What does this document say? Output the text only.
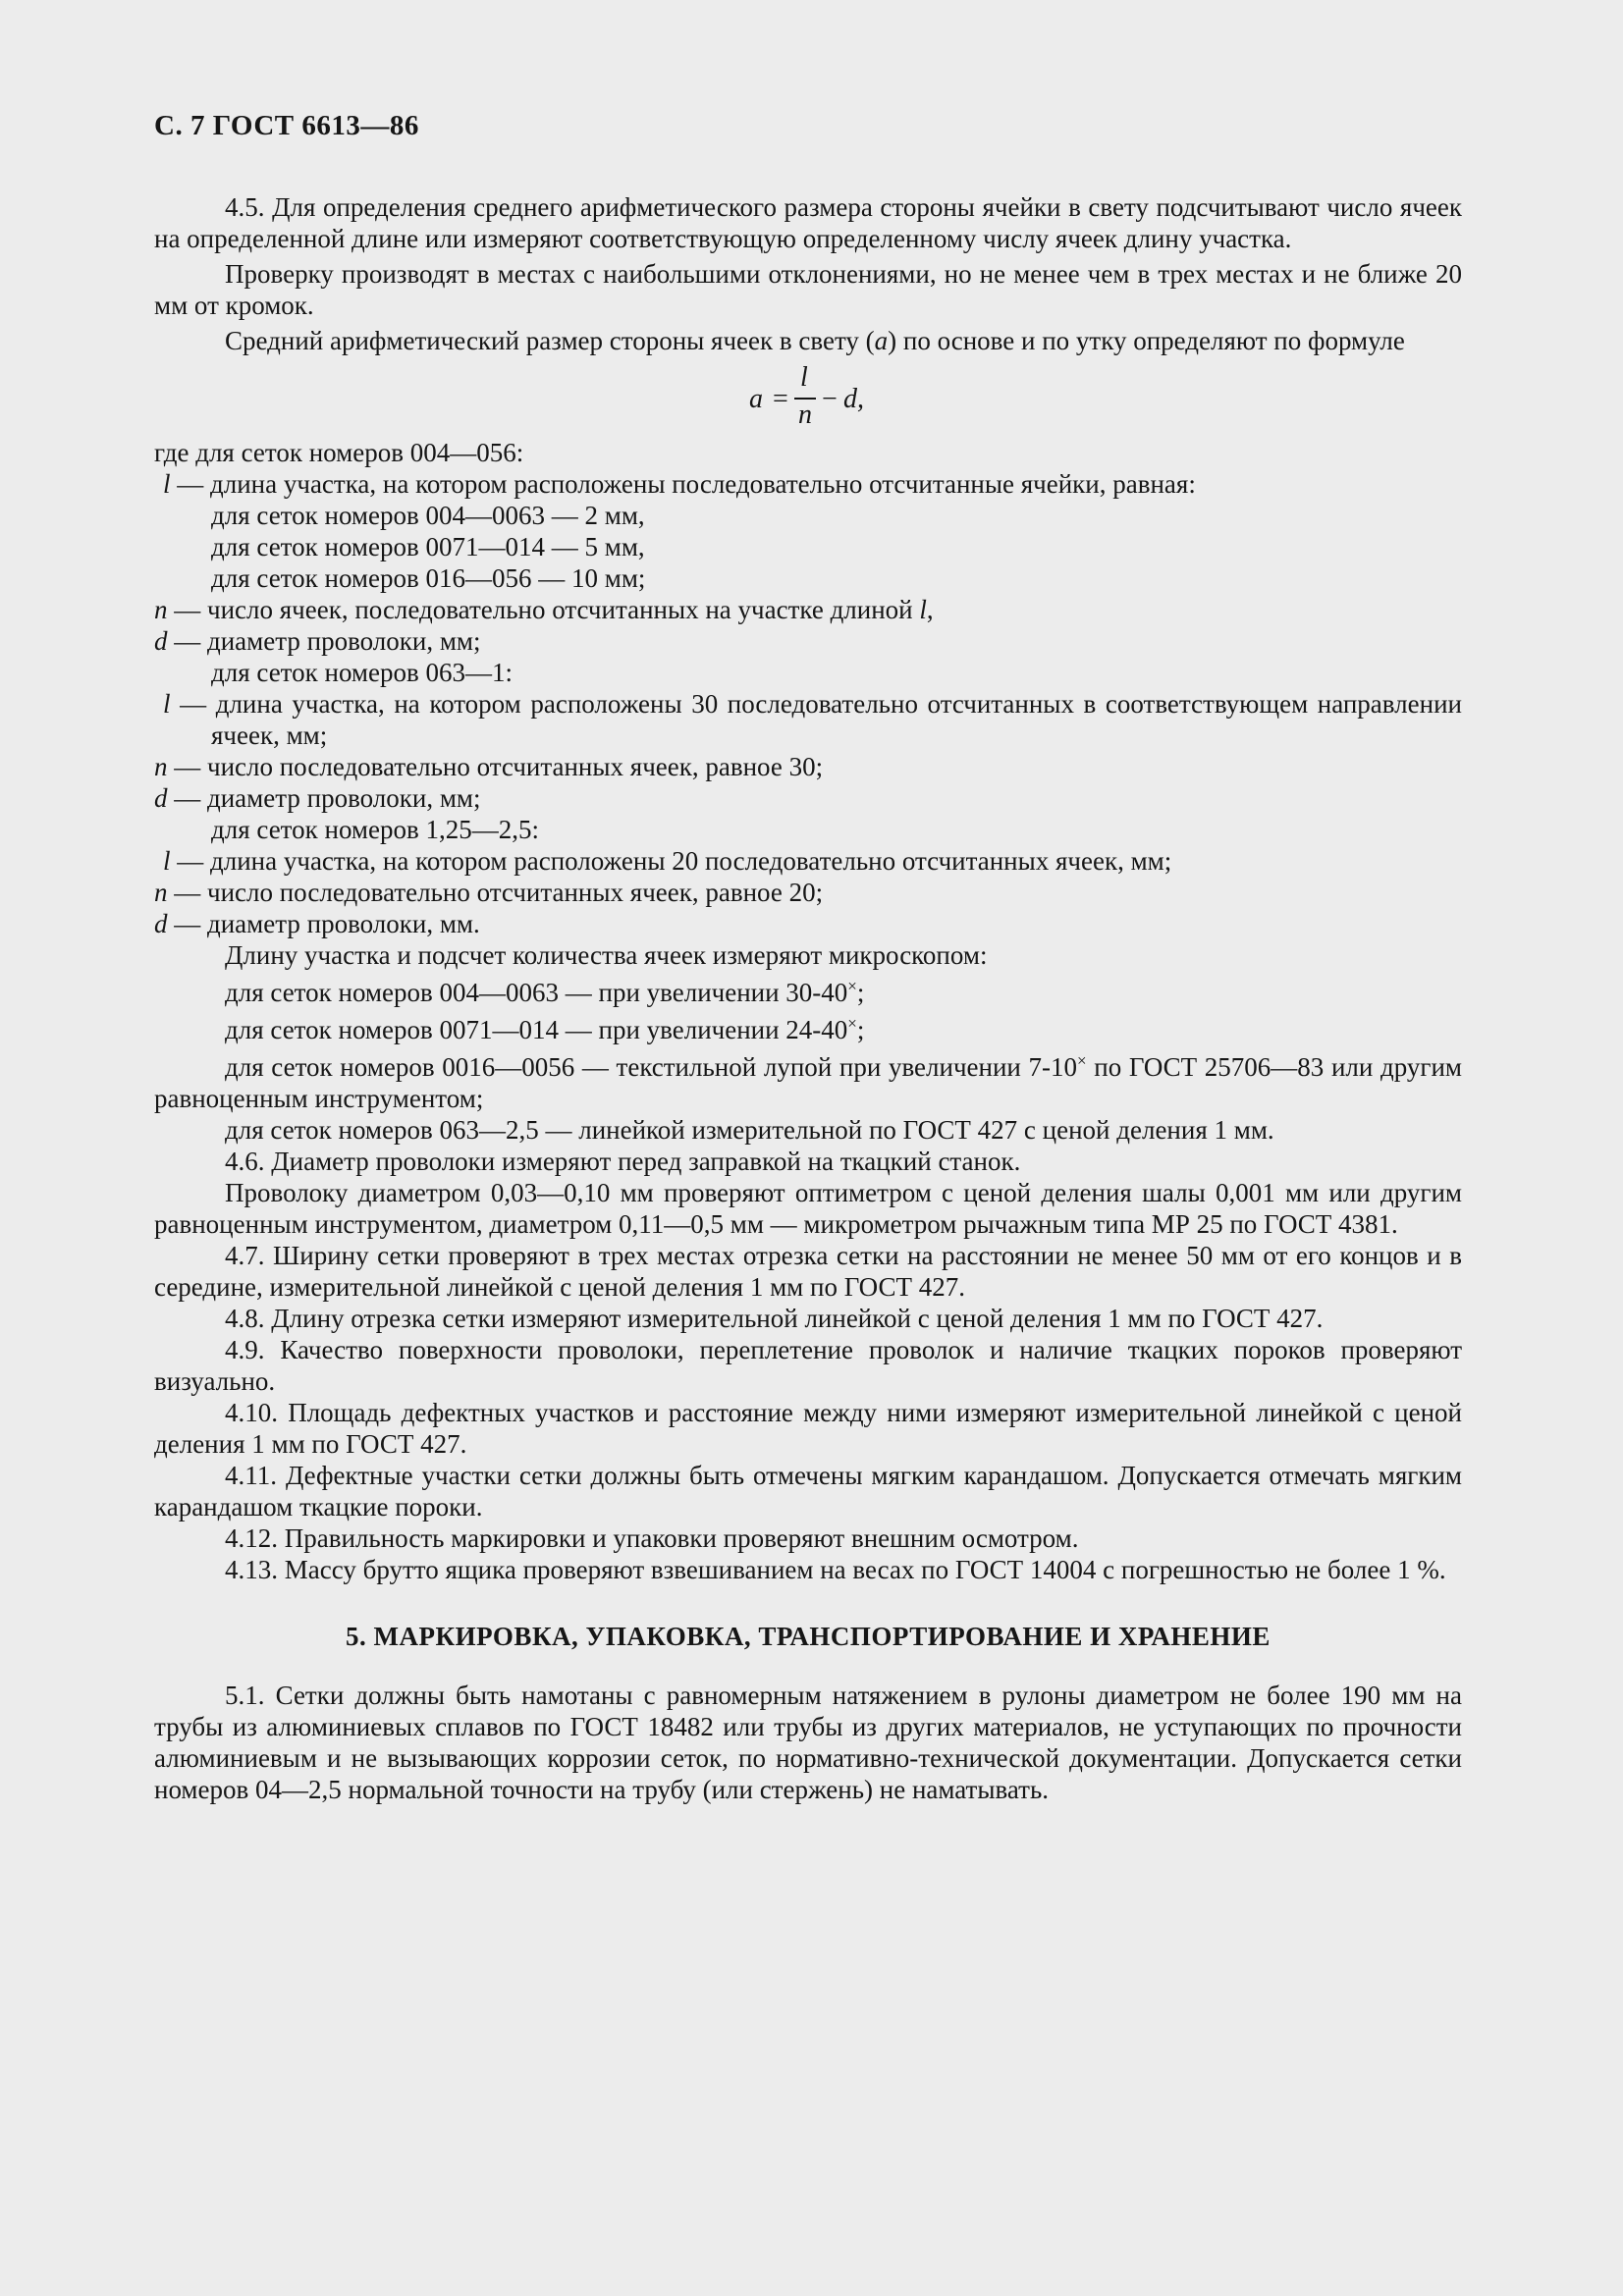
С. 7 ГОСТ 6613—86

4.5. Для определения среднего арифметического размера стороны ячейки в свету подсчитывают число ячеек на определенной длине или измеряют соответствующую определенному числу ячеек длину участка.

Проверку производят в местах с наибольшими отклонениями, но не менее чем в трех местах и не ближе 20 мм от кромок.

Средний арифметический размер стороны ячеек в свету (a) по основе и по утку определяют по формуле

a =
l
n
− d,

где для сеток номеров 004—056:

l — длина участка, на котором расположены последовательно отсчитанные ячейки, равная:

для сеток номеров 004—0063 — 2 мм,

для сеток номеров 0071—014 — 5 мм,

для сеток номеров 016—056 — 10 мм;

n — число ячеек, последовательно отсчитанных на участке длиной l,

d — диаметр проволоки, мм;

для сеток номеров 063—1:

l — длина участка, на котором расположены 30 последовательно отсчитанных в соответствующем направлении ячеек, мм;

n — число последовательно отсчитанных ячеек, равное 30;

d — диаметр проволоки, мм;

для сеток номеров 1,25—2,5:

l — длина участка, на котором расположены 20 последовательно отсчитанных ячеек, мм;

n — число последовательно отсчитанных ячеек, равное 20;

d — диаметр проволоки, мм.

Длину участка и подсчет количества ячеек измеряют микроскопом:

для сеток номеров 004—0063 — при увеличении 30-40×;

для сеток номеров 0071—014 — при увеличении 24-40×;

для сеток номеров 0016—0056 — текстильной лупой при увеличении 7-10× по ГОСТ 25706—83 или другим равноценным инструментом;

для сеток номеров 063—2,5 — линейкой измерительной по ГОСТ 427 с ценой деления 1 мм.

4.6. Диаметр проволоки измеряют перед заправкой на ткацкий станок.

Проволоку диаметром 0,03—0,10 мм проверяют оптиметром с ценой деления шалы 0,001 мм или другим равноценным инструментом, диаметром 0,11—0,5 мм — микрометром рычажным типа МР 25 по ГОСТ 4381.

4.7. Ширину сетки проверяют в трех местах отрезка сетки на расстоянии не менее 50 мм от его концов и в середине, измерительной линейкой с ценой деления 1 мм по ГОСТ 427.

4.8. Длину отрезка сетки измеряют измерительной линейкой с ценой деления 1 мм по ГОСТ 427.

4.9. Качество поверхности проволоки, переплетение проволок и наличие ткацких пороков проверяют визуально.

4.10. Площадь дефектных участков и расстояние между ними измеряют измерительной линейкой с ценой деления 1 мм по ГОСТ 427.

4.11. Дефектные участки сетки должны быть отмечены мягким карандашом. Допускается отмечать мягким карандашом ткацкие пороки.

4.12. Правильность маркировки и упаковки проверяют внешним осмотром.

4.13. Массу брутто ящика проверяют взвешиванием на весах по ГОСТ 14004 с погрешностью не более 1 %.

5. МАРКИРОВКА, УПАКОВКА, ТРАНСПОРТИРОВАНИЕ И ХРАНЕНИЕ

5.1. Сетки должны быть намотаны с равномерным натяжением в рулоны диаметром не более 190 мм на трубы из алюминиевых сплавов по ГОСТ 18482 или трубы из других материалов, не уступающих по прочности алюминиевым и не вызывающих коррозии сеток, по нормативно-технической документации. Допускается сетки номеров 04—2,5 нормальной точности на трубу (или стержень) не наматывать.
